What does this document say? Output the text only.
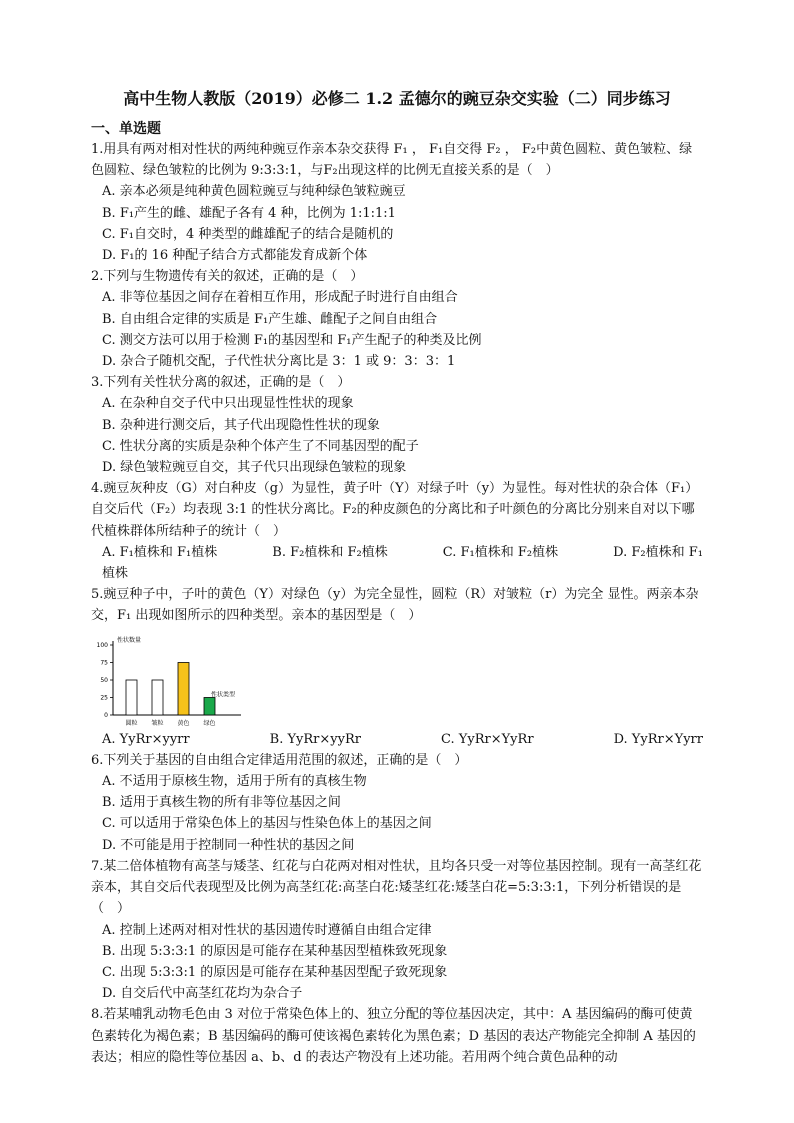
高中生物人教版（2019）必修二 1.2 孟德尔的豌豆杂交实验（二）同步练习
一、单选题

1.用具有两对相对性状的两纯种豌豆作亲本杂交获得 F₁ ， F₁自交得 F₂ ， F₂中黄色圆粒、黄色皱粒、绿色圆粒、绿色皱粒的比例为 9:3:3:1，与F₂出现这样的比例无直接关系的是（　）

A. 亲本必须是纯种黄色圆粒豌豆与纯种绿色皱粒豌豆

B. F₁产生的雌、雄配子各有 4 种，比例为 1:1:1:1

C. F₁自交时，4 种类型的雌雄配子的结合是随机的

D. F₁的 16 种配子结合方式都能发育成新个体

2.下列与生物遗传有关的叙述，正确的是（　）

A. 非等位基因之间存在着相互作用，形成配子时进行自由组合

B. 自由组合定律的实质是 F₁产生雄、雌配子之间自由组合

C. 测交方法可以用于检测 F₁的基因型和 F₁产生配子的种类及比例

D. 杂合子随机交配，子代性状分离比是 3：1 或 9：3：3：1

3.下列有关性状分离的叙述，正确的是（　）

A. 在杂种自交子代中只出现显性性状的现象

B. 杂种进行测交后，其子代出现隐性性状的现象

C. 性状分离的实质是杂种个体产生了不同基因型的配子

D. 绿色皱粒豌豆自交，其子代只出现绿色皱粒的现象

4.豌豆灰种皮（G）对白种皮（g）为显性，黄子叶（Y）对绿子叶（y）为显性。每对性状的杂合体（F₁）自交后代（F₂）均表现 3:1 的性状分离比。F₂的种皮颜色的分离比和子叶颜色的分离比分别来自对以下哪代植株群体所结种子的统计（　）

A. F₁植株和 F₁植株	B. F₂植株和 F₂植株	C. F₁植株和 F₂植株	D. F₂植株和 F₁

植株

5.豌豆种子中，子叶的黄色（Y）对绿色（y）为完全显性，圆粒（R）对皱粒（r）为完全 显性。两亲本杂交，F₁ 出现如图所示的四种类型。亲本的基因型是（　）

性状数量
100
75
50
25
0
圆粒 皱粒 黄色 绿色
性状类型
A. YyRr×yyrr	B. YyRr×yyRr	C. YyRr×YyRr	D. YyRr×Yyrr

6.下列关于基因的自由组合定律适用范围的叙述，正确的是（　）

A. 不适用于原核生物，适用于所有的真核生物

B. 适用于真核生物的所有非等位基因之间

C. 可以适用于常染色体上的基因与性染色体上的基因之间

D. 不可能是用于控制同一种性状的基因之间

7.某二倍体植物有高茎与矮茎、红花与白花两对相对性状，且均各只受一对等位基因控制。现有一高茎红花亲本，其自交后代表现型及比例为高茎红花:高茎白花:矮茎红花:矮茎白花=5:3:3:1，下列分析错误的是（　）

A. 控制上述两对相对性状的基因遗传时遵循自由组合定律

B. 出现 5:3:3:1 的原因是可能存在某种基因型植株致死现象

C. 出现 5:3:3:1 的原因是可能存在某种基因型配子致死现象

D. 自交后代中高茎红花均为杂合子

8.若某哺乳动物毛色由 3 对位于常染色体上的、独立分配的等位基因决定，其中：A 基因编码的酶可使黄色素转化为褐色素；B 基因编码的酶可使该褐色素转化为黑色素；D 基因的表达产物能完全抑制 A 基因的表达；相应的隐性等位基因 a、b、d 的表达产物没有上述功能。若用两个纯合黄色品种的动
